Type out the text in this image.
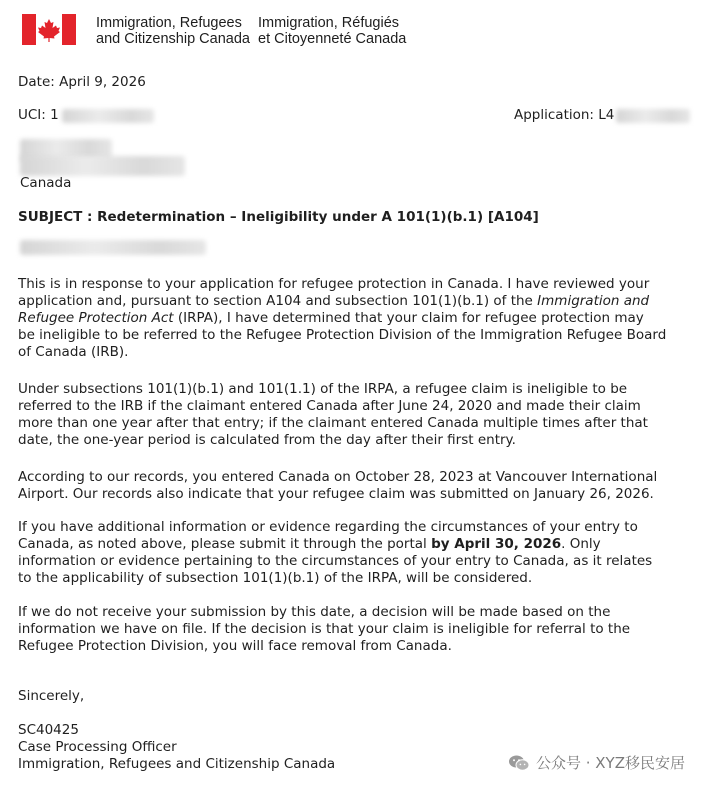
Immigration, Refugees
and Citizenship Canada
Immigration, Réfugiés
et Citoyenneté Canada
Date: April 9, 2026
UCI: 1	Application: L4
Canada
SUBJECT : Redetermination – Ineligibility under A 101(1)(b.1) [A104]
This is in response to your application for refugee protection in Canada. I have reviewed your
application and, pursuant to section A104 and subsection 101(1)(b.1) of the Immigration and
Refugee Protection Act (IRPA), I have determined that your claim for refugee protection may
be ineligible to be referred to the Refugee Protection Division of the Immigration Refugee Board
of Canada (IRB).
Under subsections 101(1)(b.1) and 101(1.1) of the IRPA, a refugee claim is ineligible to be
referred to the IRB if the claimant entered Canada after June 24, 2020 and made their claim
more than one year after that entry; if the claimant entered Canada multiple times after that
date, the one-year period is calculated from the day after their first entry.
According to our records, you entered Canada on October 28, 2023 at Vancouver International
Airport. Our records also indicate that your refugee claim was submitted on January 26, 2026.
If you have additional information or evidence regarding the circumstances of your entry to
Canada, as noted above, please submit it through the portal by April 30, 2026. Only
information or evidence pertaining to the circumstances of your entry to Canada, as it relates
to the applicability of subsection 101(1)(b.1) of the IRPA, will be considered.
If we do not receive your submission by this date, a decision will be made based on the
information we have on file. If the decision is that your claim is ineligible for referral to the
Refugee Protection Division, you will face removal from Canada.
Sincerely,
SC40425
Case Processing Officer
Immigration, Refugees and Citizenship Canada	公众号 · XYZ移民安居
